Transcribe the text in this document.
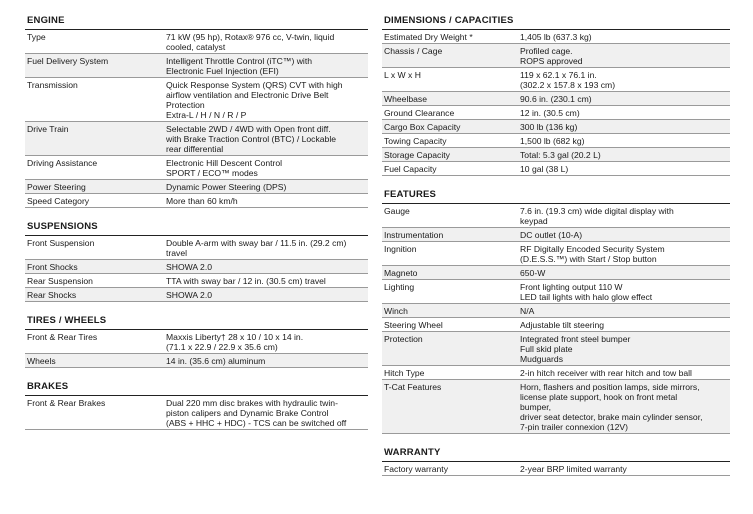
ENGINE
Type	71 kW (95 hp), Rotax® 976 cc, V-twin, liquid
cooled, catalyst
Fuel Delivery System	Intelligent Throttle Control (iTC™) with
Electronic Fuel Injection (EFI)
Transmission	Quick Response System (QRS) CVT with high
airflow ventilation and Electronic Drive Belt
Protection
Extra-L / H / N / R / P
Drive Train	Selectable 2WD / 4WD with Open front diff.
with Brake Traction Control (BTC) / Lockable
rear differential
Driving Assistance	Electronic Hill Descent Control
SPORT / ECO™ modes
Power Steering	Dynamic Power Steering (DPS)
Speed Category	More than 60 km/h
SUSPENSIONS
Front Suspension	Double A-arm with sway bar / 11.5 in. (29.2 cm)
travel
Front Shocks	SHOWA 2.0
Rear Suspension	TTA with sway bar / 12 in. (30.5 cm) travel
Rear Shocks	SHOWA 2.0
TIRES / WHEELS
Front & Rear Tires	Maxxis Liberty† 28 x 10 / 10 x 14 in.
(71.1 x 22.9 / 22.9 x 35.6 cm)
Wheels	14 in. (35.6 cm) aluminum
BRAKES
Front & Rear Brakes	Dual 220 mm disc brakes with hydraulic twin-
piston calipers and Dynamic Brake Control
(ABS + HHC + HDC) - TCS can be switched off
DIMENSIONS / CAPACITIES
Estimated Dry Weight *	1,405 lb (637.3 kg)
Chassis / Cage	Profiled cage.
ROPS approved
L x W x H	119 x 62.1 x 76.1 in.
(302.2 x 157.8 x 193 cm)
Wheelbase	90.6 in. (230.1 cm)
Ground Clearance	12 in. (30.5 cm)
Cargo Box Capacity	300 lb (136 kg)
Towing Capacity	1,500 lb (682 kg)
Storage Capacity	Total: 5.3 gal (20.2 L)
Fuel Capacity	10 gal (38 L)
FEATURES
Gauge	7.6 in. (19.3 cm) wide digital display with
keypad
Instrumentation	DC outlet (10-A)
Ingnition	RF Digitally Encoded Security System
(D.E.S.S.™) with Start / Stop button
Magneto	650-W
Lighting	Front lighting output 110 W
LED tail lights with halo glow effect
Winch	N/A
Steering Wheel	Adjustable tilt steering
Protection	Integrated front steel bumper
Full skid plate
Mudguards
Hitch Type	2-in hitch receiver with rear hitch and tow ball
T-Cat Features	Horn, flashers and position lamps, side mirrors,
license plate support, hook on front metal
bumper,
driver seat detector, brake main cylinder sensor,
7-pin trailer connexion (12V)
WARRANTY
Factory warranty	2-year BRP limited warranty
